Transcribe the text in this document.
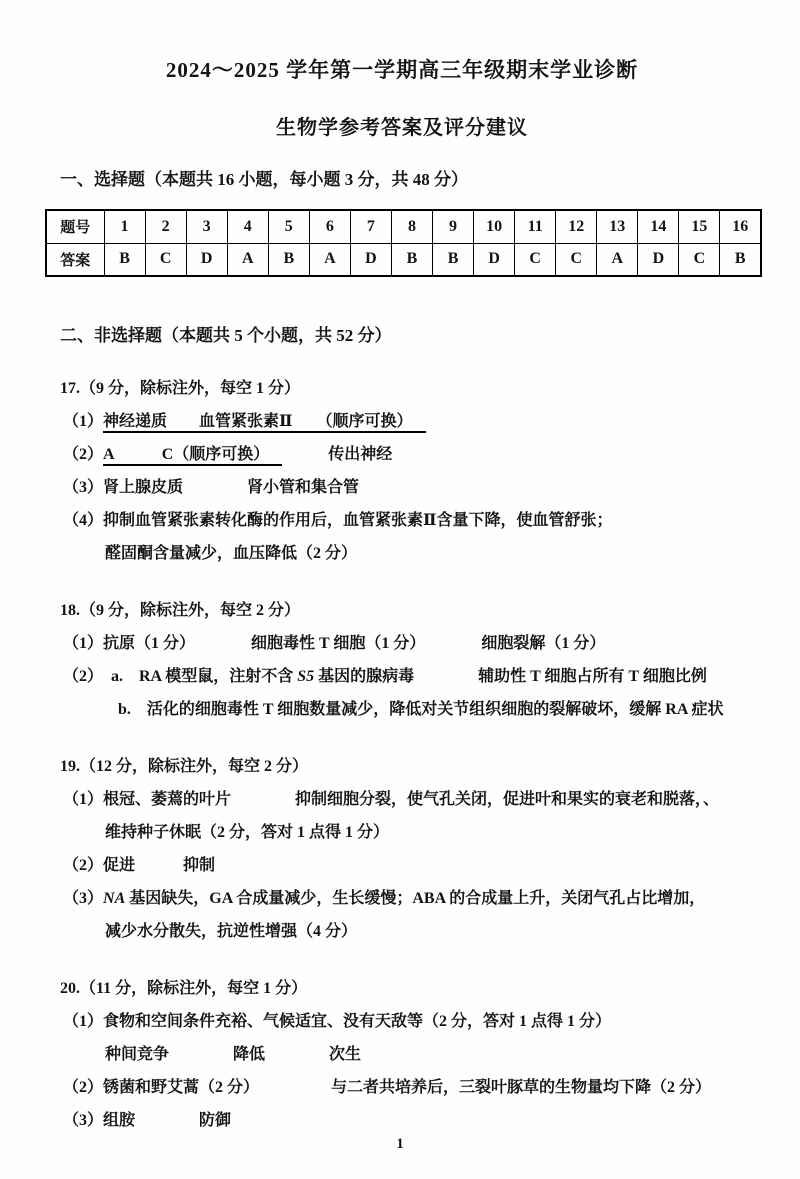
2024～2025 学年第一学期高三年级期末学业诊断
生物学参考答案及评分建议
一、选择题（本题共 16 小题，每小题 3 分，共 48 分）
题号	1	2	3	4	5	6	7	8	9	10	11	12	13	14	15	16
答案	B	C	D	A	B	A	D	B	B	D	C	C	A	D	C	B
二、非选择题（本题共 5 个小题，共 52 分）
17.（9 分，除标注外，每空 1 分）
（1）神经递质　　血管紧张素Ⅱ　　（顺序可换）
（2）A　　　C（顺序可换）	传出神经
（3）肾上腺皮质　　　　肾小管和集合管
（4）抑制血管紧张素转化酶的作用后，血管紧张素Ⅱ含量下降，使血管舒张；
醛固酮含量减少，血压降低（2 分）
18.（9 分，除标注外，每空 2 分）
（1）抗原（1 分）　　　　细胞毒性 T 细胞（1 分）　　　　细胞裂解（1 分）
（2）　a.　RA 模型鼠，注射不含 S5 基因的腺病毒　　　　辅助性 T 细胞占所有 T 细胞比例
b.　活化的细胞毒性 T 细胞数量减少，降低对关节组织细胞的裂解破坏，缓解 RA 症状
19.（12 分，除标注外，每空 2 分）
（1）根冠、萎蔫的叶片　　　　抑制细胞分裂，使气孔关闭，促进叶和果实的衰老和脱落，、
维持种子休眠（2 分，答对 1 点得 1 分）
（2）促进　　　抑制
（3）NA 基因缺失，GA 合成量减少，生长缓慢；ABA 的合成量上升，关闭气孔占比增加，
减少水分散失，抗逆性增强（4 分）
20.（11 分，除标注外，每空 1 分）
（1）食物和空间条件充裕、气候适宜、没有天敌等（2 分，答对 1 点得 1 分）
种间竞争　　　　降低　　　　次生
（2）锈菌和野艾蒿（2 分）　　　　　与二者共培养后，三裂叶豚草的生物量均下降（2 分）
（3）组胺　　　　防御
1
